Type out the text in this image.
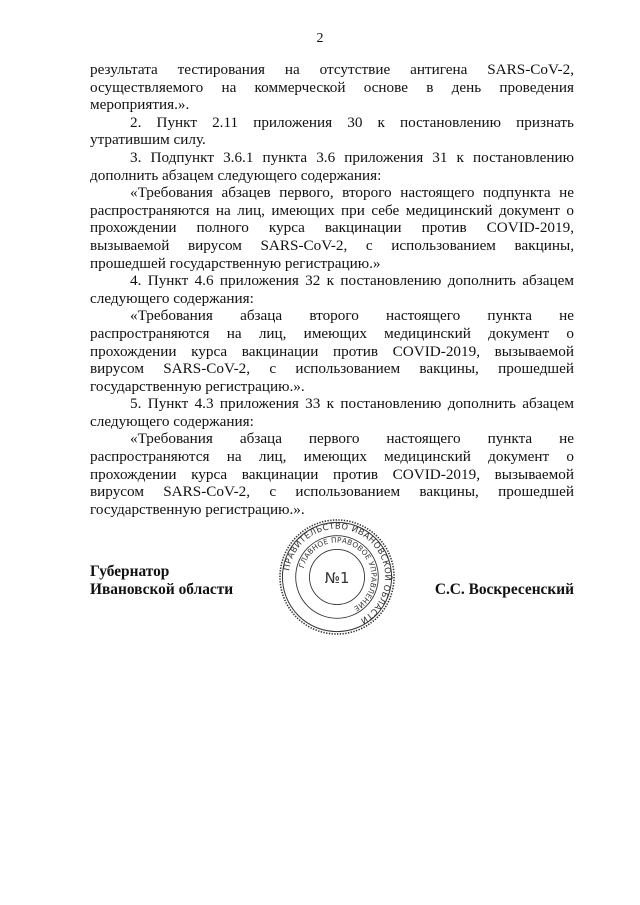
2

результата тестирования на отсутствие антигена SARS-CoV-2, осуществляемого на коммерческой основе в день проведения мероприятия.».

2. Пункт 2.11 приложения 30 к постановлению признать утратившим силу.

3. Подпункт 3.6.1 пункта 3.6 приложения 31 к постановлению дополнить абзацем следующего содержания:

«Требования абзацев первого, второго настоящего подпункта не распространяются на лиц, имеющих при себе медицинский документ о прохождении полного курса вакцинации против COVID-2019, вызываемой вирусом SARS-CoV-2, с использованием вакцины, прошедшей государственную регистрацию.»

4. Пункт 4.6 приложения 32 к постановлению дополнить абзацем следующего содержания:

«Требования абзаца второго настоящего пункта не распространяются на лиц, имеющих медицинский документ о прохождении курса вакцинации против COVID-2019, вызываемой вирусом SARS-CoV-2, с использованием вакцины, прошедшей государственную регистрацию.».

5. Пункт 4.3 приложения 33 к постановлению дополнить абзацем следующего содержания:

«Требования абзаца первого настоящего пункта не распространяются на лиц, имеющих медицинский документ о прохождении курса вакцинации против COVID-2019, вызываемой вирусом SARS-CoV-2, с использованием вакцины, прошедшей государственную регистрацию.».

Губернатор
Ивановской области	С.С. Воскресенский
ПРАВИТЕЛЬСТВО ИВАНОВСКОЙ ОБЛАСТИ
ГЛАВНОЕ ПРАВОВОЕ УПРАВЛЕНИЕ
№1
